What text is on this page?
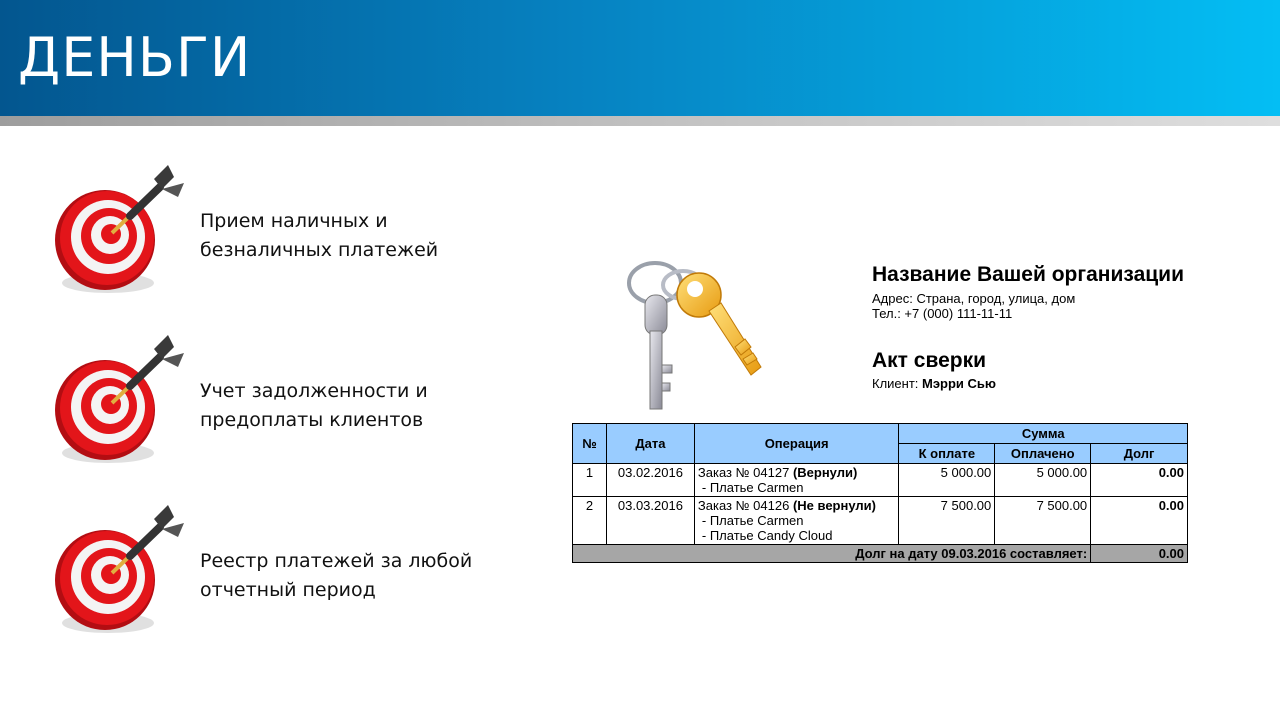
ДЕНЬГИ
Прием наличных и
безналичных платежей
Учет задолженности и
предоплаты клиентов
Реестр платежей за любой
отчетный период
Название Вашей организации
Адрес: Страна, город, улица, дом
Тел.: +7 (000) 111-11-11
Акт сверки
Клиент: Мэрри Сью
№	Дата	Операция	Сумма		
			К оплате	Оплачено	Долг
1	03.02.2016	Заказ № 04127 (Вернули)
- Платье Carmen	5 000.00	5 000.00	0.00
2	03.03.2016	Заказ № 04126 (Не вернули)
- Платье Carmen
- Платье Candy Cloud	7 500.00	7 500.00	0.00
Долг на дату 09.03.2016 составляет:					0.00
